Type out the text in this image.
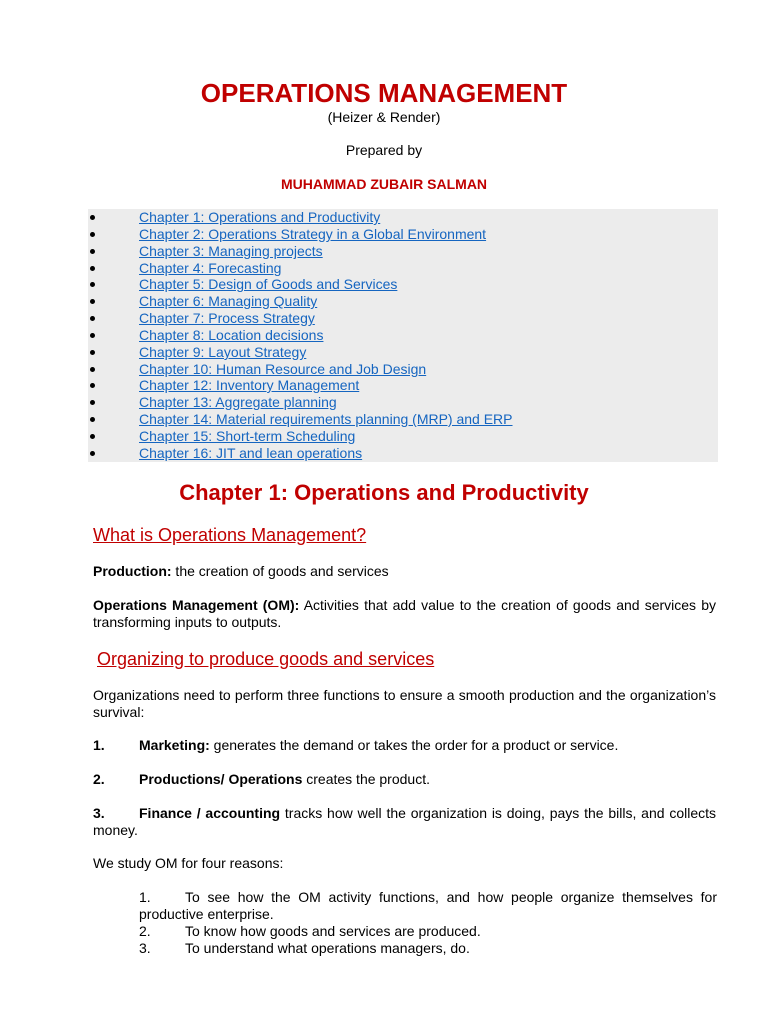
OPERATIONS MANAGEMENT
(Heizer & Render)
Prepared by
MUHAMMAD ZUBAIR SALMAN
Chapter 1: Operations and Productivity
Chapter 2: Operations Strategy in a Global Environment
Chapter 3: Managing projects
Chapter 4: Forecasting
Chapter 5: Design of Goods and Services
Chapter 6: Managing Quality
Chapter 7: Process Strategy
Chapter 8: Location decisions
Chapter 9: Layout Strategy
Chapter 10: Human Resource and Job Design
Chapter 12: Inventory Management
Chapter 13: Aggregate planning
Chapter 14: Material requirements planning (MRP) and ERP
Chapter 15: Short-term Scheduling
Chapter 16: JIT and lean operations
Chapter 1: Operations and Productivity
What is Operations Management?
Production: the creation of goods and services
Operations Management (OM): Activities that add value to the creation of goods and services by transforming inputs to outputs.
Organizing to produce goods and services
Organizations need to perform three functions to ensure a smooth production and the organization’s survival:
1. Marketing: generates the demand or takes the order for a product or service.
2. Productions/ Operations creates the product.
3. Finance / accounting tracks how well the organization is doing, pays the bills, and collects money.
We study OM for four reasons:
1. To see how the OM activity functions, and how people organize themselves for productive enterprise.
2. To know how goods and services are produced.
3. To understand what operations managers, do.
